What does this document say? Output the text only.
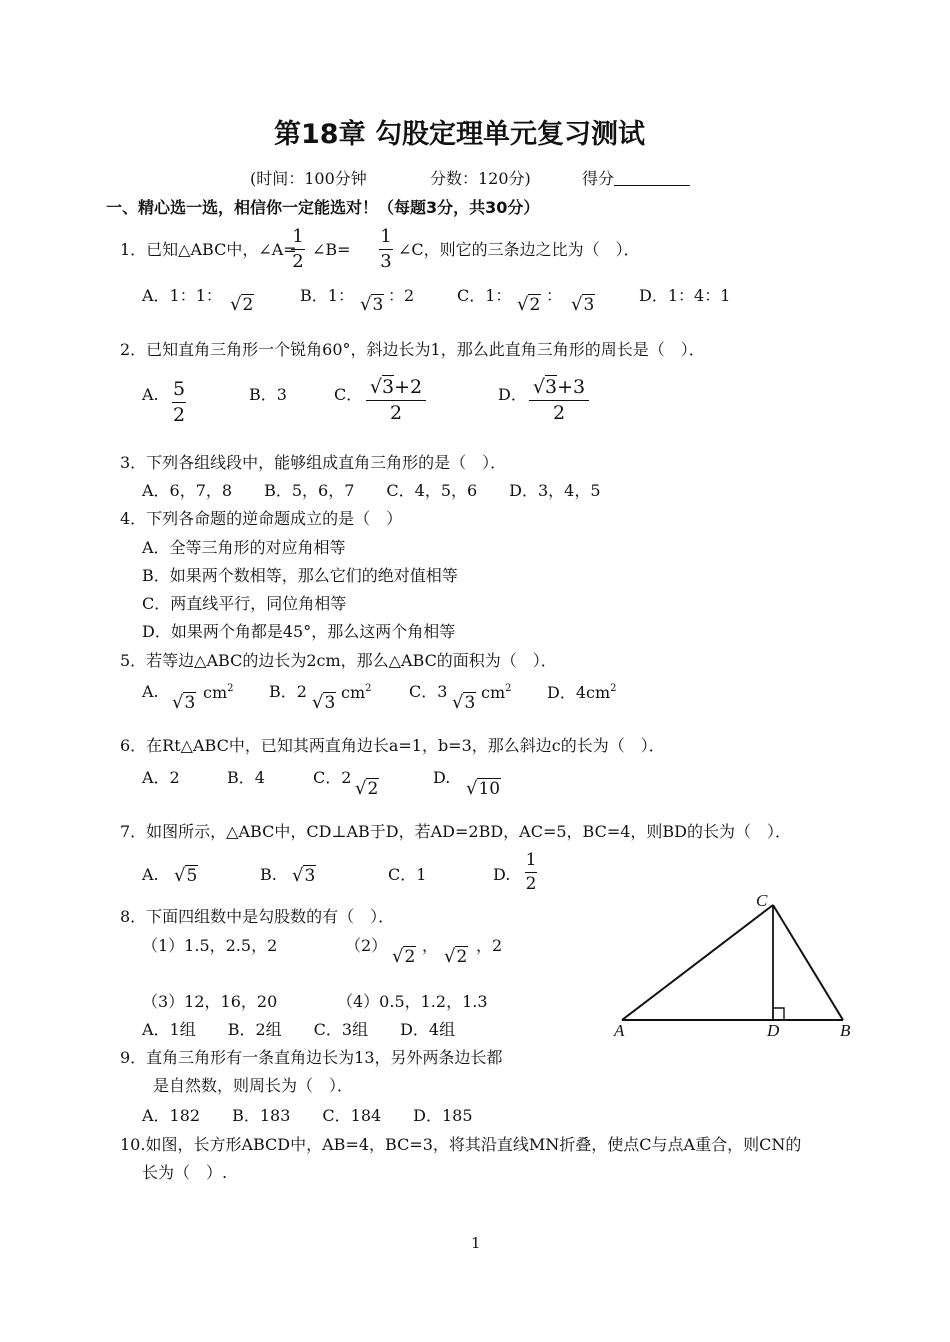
第18章 勾股定理单元复习测试
(时间：100分钟	分数：120分)	得分
一、精心选一选，相信你一定能选对！（每题3分，共30分）
1．已知△ABC中，∠A=
1
2
∠B=
1
3
∠C，则它的三条边之比为（　）．
A．1：1： √2	B．1： √3 ：2	C．1： √2 ： √3	D．1：4：1
2．已知直角三角形一个锐角60°，斜边长为1，那么此直角三角形的周长是（　）．
A. 5
2
B．3	C． √3+2
2
D． √3+3
2
3．下列各组线段中，能够组成直角三角形的是（　）．
A．6，7，8　　B．5，6，7　　C．4，5，6　　D．3，4，5
4．下列各命题的逆命题成立的是（　）
A．全等三角形的对应角相等
B．如果两个数相等，那么它们的绝对值相等
C．两直线平行，同位角相等
D．如果两个角都是45°，那么这两个角相等
5．若等边△ABC的边长为2cm，那么△ABC的面积为（　）．
A.
√3
$cm^2$ B．2
√3
$cm^2$ C．3
√3
$cm^2$ D．$4cm^2$
6．在Rt△ABC中，已知其两直角边长a=1，b=3，那么斜边c的长为（　）．
A．2	B．4	C．2
√2
D.
√10
7．如图所示，△ABC中，CD⊥AB于D，若AD=2BD，AC=5，BC=4，则BD的长为（　）．
A. √5	B. √3	C．1	D.
1
2
8．下面四组数中是勾股数的有（　）．
（1）1.5，2.5，2	（2）
√2
，
√2
，2
（3）12，16，20	（4）0.5，1.2，1.3
A．1组　　B．2组　　C．3组　　D．4组
9．直角三角形有一条直角边长为13，另外两条边长都
是自然数，则周长为（　）．
A．182　　B．183　　C．184　　D．185
10.如图，长方形ABCD中，AB=4，BC=3，将其沿直线MN折叠，使点C与点A重合，则CN的
长为（　）.
C
A	D	B
1
